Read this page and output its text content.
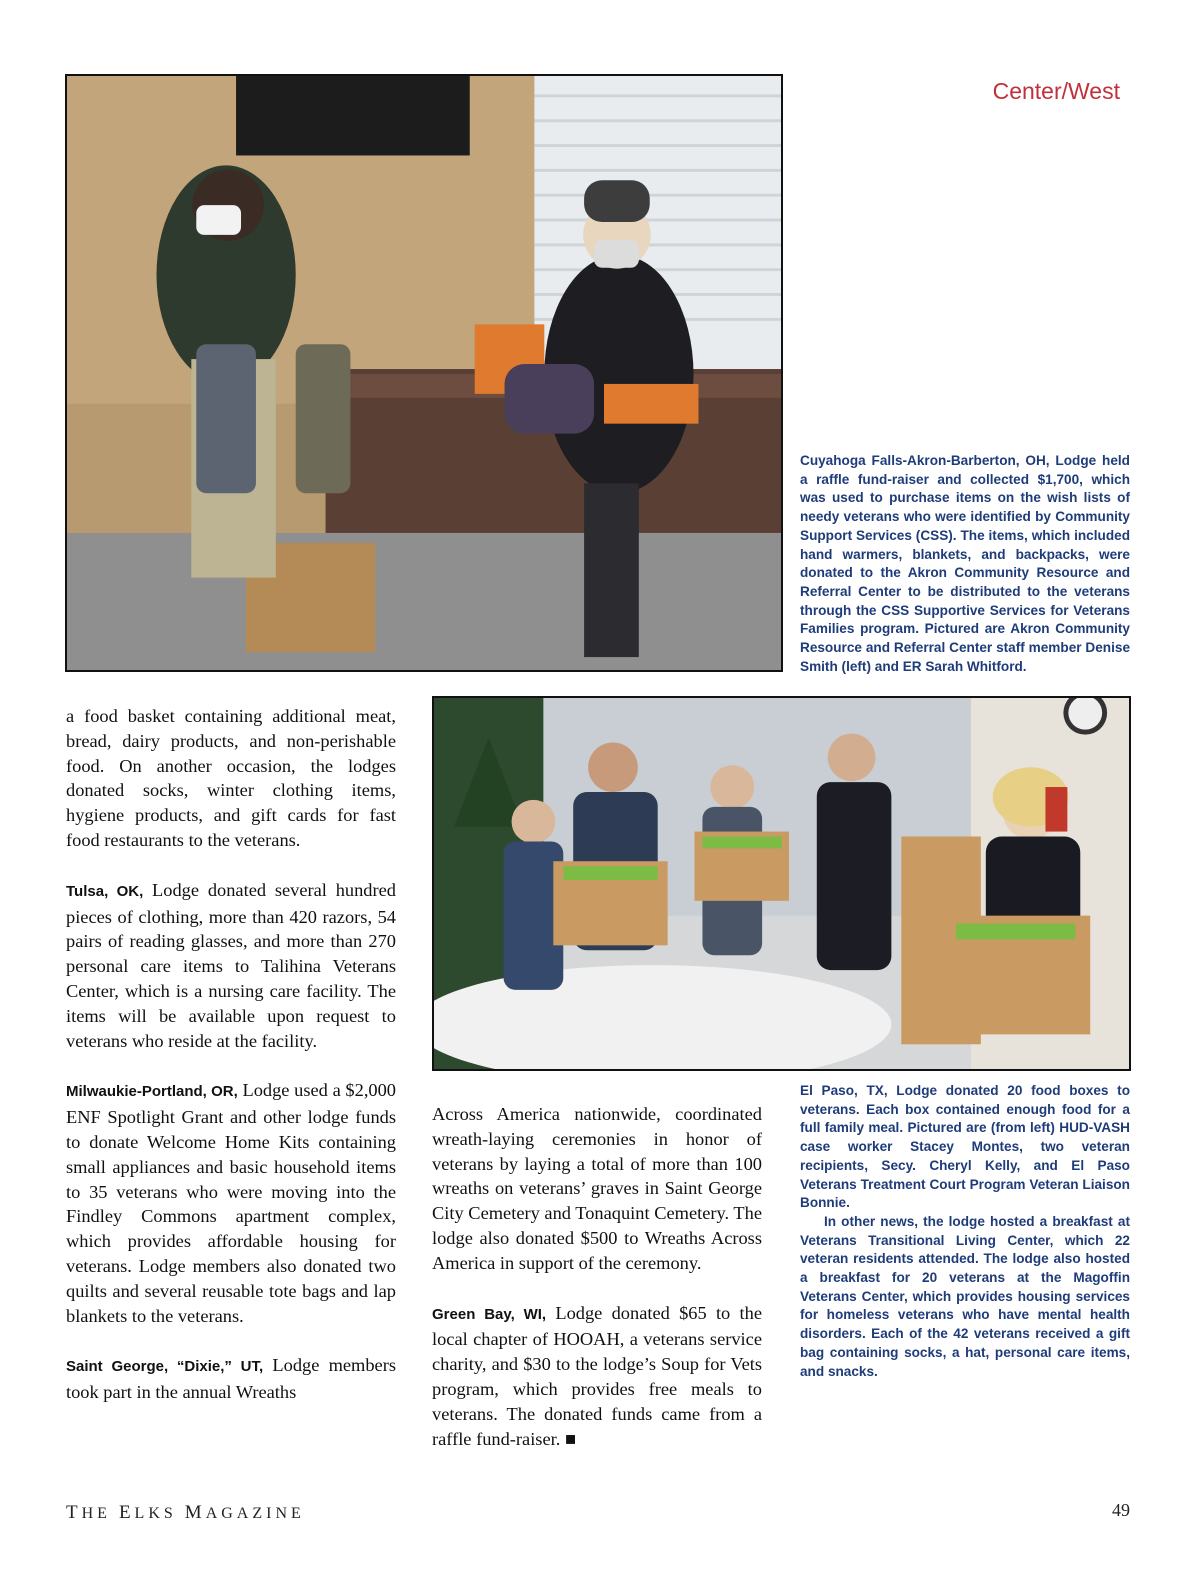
Center/West

Cuyahoga Falls-Akron-Barberton, OH, Lodge held a raffle fund-raiser and collected $1,700, which was used to purchase items on the wish lists of needy veterans who were identified by Community Support Services (CSS). The items, which included hand warmers, blankets, and backpacks, were donated to the Akron Community Resource and Referral Center to be distributed to the veterans through the CSS Supportive Services for Veterans Families program. Pictured are Akron Community Resource and Referral Center staff member Denise Smith (left) and ER Sarah Whitford.

El Paso, TX, Lodge donated 20 food boxes to veterans. Each box contained enough food for a full family meal. Pictured are (from left) HUD-VASH case worker Stacey Montes, two veteran recipients, Secy. Cheryl Kelly, and El Paso Veterans Treatment Court Program Veteran Liaison Bonnie.

In other news, the lodge hosted a breakfast at Veterans Transitional Living Center, which 22 veteran residents attended. The lodge also hosted a breakfast for 20 veterans at the Magoffin Veterans Center, which provides housing services for homeless veterans who have mental health disorders. Each of the 42 veterans received a gift bag containing socks, a hat, personal care items, and snacks.

a food basket containing additional meat, bread, dairy products, and non-perishable food. On another occasion, the lodges donated socks, winter clothing items, hygiene products, and gift cards for fast food restaurants to the veterans.

Tulsa, OK, Lodge donated several hundred pieces of clothing, more than 420 razors, 54 pairs of reading glasses, and more than 270 personal care items to Talihina Veterans Center, which is a nursing care facility. The items will be available upon request to veterans who reside at the facility.

Milwaukie-Portland, OR, Lodge used a $2,000 ENF Spotlight Grant and other lodge funds to donate Welcome Home Kits containing small appliances and basic household items to 35 veterans who were moving into the Findley Commons apartment complex, which provides affordable housing for veterans. Lodge members also donated two quilts and several reusable tote bags and lap blankets to the veterans.

Saint George, “Dixie,” UT, Lodge members took part in the annual Wreaths

Across America nationwide, coordinated wreath-laying ceremonies in honor of veterans by laying a total of more than 100 wreaths on veterans’ graves in Saint George City Cemetery and Tonaquint Cemetery. The lodge also donated $500 to Wreaths Across America in support of the ceremony.

Green Bay, WI, Lodge donated $65 to the local chapter of HOOAH, a veterans service charity, and $30 to the lodge’s Soup for Vets program, which provides free meals to veterans. The donated funds came from a raffle fund-raiser. ■

THE ELKS MAGAZINE	49
